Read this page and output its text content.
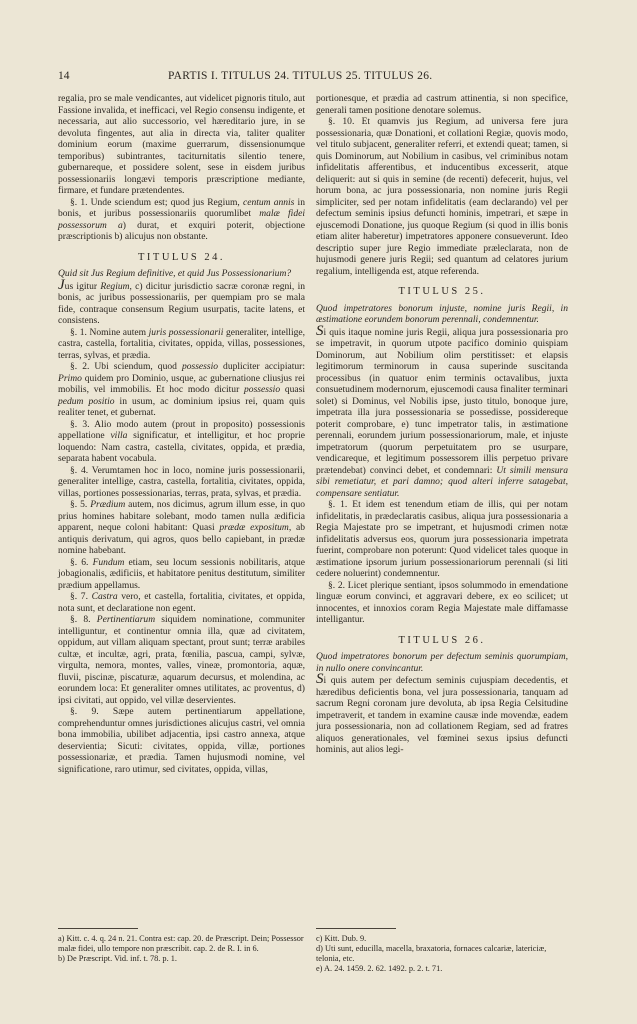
14	PARTIS I. TITULUS 24. TITULUS 25. TITULUS 26.

regalia, pro se male vendicantes, aut videlicet pignoris titulo, aut Fassione invalida, et inefficaci, vel Regio consensu indigente, et necessaria, aut alio successorio, vel hæreditario jure, in se devoluta fingentes, aut alia in directa via, taliter qualiter dominium eorum (maxime guerrarum, dissensionumque temporibus) subintrantes, taciturnitatis silentio tenere, gubernareque, et possidere solent, sese in eisdem juribus possessionariis longævi temporis præscriptione mediante, firmare, et fundare prætendentes.

§. 1. Unde sciendum est; quod jus Regium, centum annis in bonis, et juribus possessionariis quorumlibet malæ fidei possessorum a) durat, et exquiri poterit, objectione præscriptionis b) alicujus non obstante.

TITULUS 24.

Quid sit Jus Regium definitive, et quid Jus Possessionarium?

Jus igitur Regium, c) dicitur jurisdictio sacræ coronæ regni, in bonis, ac juribus possessionariis, per quempiam pro se mala fide, contraque consensum Regium usurpatis, tacite latens, et consistens.

§. 1. Nomine autem juris possessionarii generaliter, intellige, castra, castella, fortalitia, civitates, oppida, villas, possessiones, terras, sylvas, et prædia.

§. 2. Ubi sciendum, quod possessio dupliciter accipiatur: Primo quidem pro Dominio, usque, ac gubernatione cliusjus rei mobilis, vel immobilis. Et hoc modo dicitur possessio quasi pedum positio in usum, ac dominium ipsius rei, quam quis realiter tenet, et gubernat.

§. 3. Alio modo autem (prout in proposito) possessionis appellatione villa significatur, et intelligitur, et hoc proprie loquendo: Nam castra, castella, civitates, oppida, et prædia, separata habent vocabula.

§. 4. Verumtamen hoc in loco, nomine juris possessionarii, generaliter intellige, castra, castella, fortalitia, civitates, oppida, villas, portiones possessionarias, terras, prata, sylvas, et prædia.

§. 5. Prædium autem, nos dicimus, agrum illum esse, in quo prius homines habitare solebant, modo tamen nulla ædificia apparent, neque coloni habitant: Quasi prædæ expositum, ab antiquis derivatum, qui agros, quos bello capiebant, in prædæ nomine habebant.

§. 6. Fundum etiam, seu locum sessionis nobilitaris, atque jobagionalis, ædificiis, et habitatore penitus destitutum, similiter prædium appellamus.

§. 7. Castra vero, et castella, fortalitia, civitates, et oppida, nota sunt, et declaratione non egent.

§. 8. Pertinentiarum siquidem nominatione, communiter intelliguntur, et continentur omnia illa, quæ ad civitatem, oppidum, aut villam aliquam spectant, prout sunt; terræ arabiles cultæ, et incultæ, agri, prata, fœnilia, pascua, campi, sylvæ, virgulta, nemora, montes, valles, vineæ, promontoria, aquæ, fluvii, piscinæ, piscaturæ, aquarum decursus, et molendina, ac eorundem loca: Et generaliter omnes utilitates, ac proventus, d) ipsi civitati, aut oppido, vel villæ deservientes.

§. 9. Sæpe autem pertinentiarum appellatione, comprehenduntur omnes jurisdictiones alicujus castri, vel omnia bona immobilia, ubilibet adjacentia, ipsi castro annexa, atque deservientia; Sicuti: civitates, oppida, villæ, portiones possessionariæ, et prædia. Tamen hujusmodi nomine, vel significatione, raro utimur, sed civitates, oppida, villas,

portionesque, et prædia ad castrum attinentia, si non specifice, generali tamen positione denotare solemus.

§. 10. Et quamvis jus Regium, ad universa fere jura possessionaria, quæ Donationi, et collationi Regiæ, quovis modo, vel titulo subjacent, generaliter referri, et extendi queat; tamen, si quis Dominorum, aut Nobilium in casibus, vel criminibus notam infidelitatis afferentibus, et inducentibus excesserit, atque deliquerit: aut si quis in semine (de recenti) defecerit, hujus, vel horum bona, ac jura possessionaria, non nomine juris Regii simpliciter, sed per notam infidelitatis (eam declarando) vel per defectum seminis ipsius defuncti hominis, impetrari, et sæpe in ejuscemodi Donatione, jus quoque Regium (si quod in illis bonis etiam aliter haberetur) impetratores apponere consueverunt. Ideo descriptio super jure Regio immediate præleclarata, non de hujusmodi genere juris Regii; sed quantum ad celatores jurium regalium, intelligenda est, atque referenda.

TITULUS 25.

Quod impetratores bonorum injuste, nomine juris Regii, in æstimatione eorundem bonorum perennali, condemnentur.

Si quis itaque nomine juris Regii, aliqua jura possessionaria pro se impetravit, in quorum utpote pacifico dominio quispiam Dominorum, aut Nobilium olim perstitisset: et elapsis legitimorum terminorum in causa superinde suscitanda processibus (in quatuor enim terminis octavalibus, juxta consuetudinem modernorum, ejuscemodi causa finaliter terminari solet) si Dominus, vel Nobilis ipse, justo titulo, bonoque jure, impetrata illa jura possessionaria se possedisse, possidereque poterit comprobare, e) tunc impetrator talis, in æstimatione perennali, eorundem jurium possessionariorum, male, et injuste impetratorum (quorum perpetuitatem pro se usurpare, vendicareque, et legitimum possessorem illis perpetuo privare prætendebat) convinci debet, et condemnari: Ut simili mensura sibi remetiatur, et pari damno; quod alteri inferre satagebat, compensare sentiatur.

§. 1. Et idem est tenendum etiam de illis, qui per notam infidelitatis, in prædeclaratis casibus, aliqua jura possessionaria a Regia Majestate pro se impetrant, et hujusmodi crimen notæ infidelitatis adversus eos, quorum jura possessionaria impetrata fuerint, comprobare non poterunt: Quod videlicet tales quoque in æstimatione ipsorum jurium possessionariorum perennali (si liti cedere noluerint) condemnentur.

§. 2. Licet plerique sentiant, ipsos solummodo in emendatione linguæ eorum convinci, et aggravari debere, ex eo scilicet; ut innocentes, et innoxios coram Regia Majestate male diffamasse intelligantur.

TITULUS 26.

Quod impetratores bonorum per defectum seminis quorumpiam, in nullo onere convincantur.

Si quis autem per defectum seminis cujuspiam decedentis, et hæredibus deficientis bona, vel jura possessionaria, tanquam ad sacrum Regni coronam jure devoluta, ab ipsa Regia Celsitudine impetraverit, et tandem in examine causæ inde movendæ, eadem jura possessionaria, non ad collationem Regiam, sed ad fratres aliquos generationales, vel fœminei sexus ipsius defuncti hominis, aut alios legi-

a) Kitt. c. 4. q. 24 n. 21. Contra est: cap. 20. de Præscript. Dein; Possessor malæ fidei, ullo tempore non præscribit. cap. 2. de R. I. in 6.
b) De Præscript. Vid. inf. t. 78. p. 1.
c) Kitt. Dub. 9.
d) Uti sunt, educilla, macella, braxatoria, fornaces calcariæ, latericiæ, telonia, etc.
e) A. 24. 1459. 2. 62. 1492. p. 2. t. 71.
